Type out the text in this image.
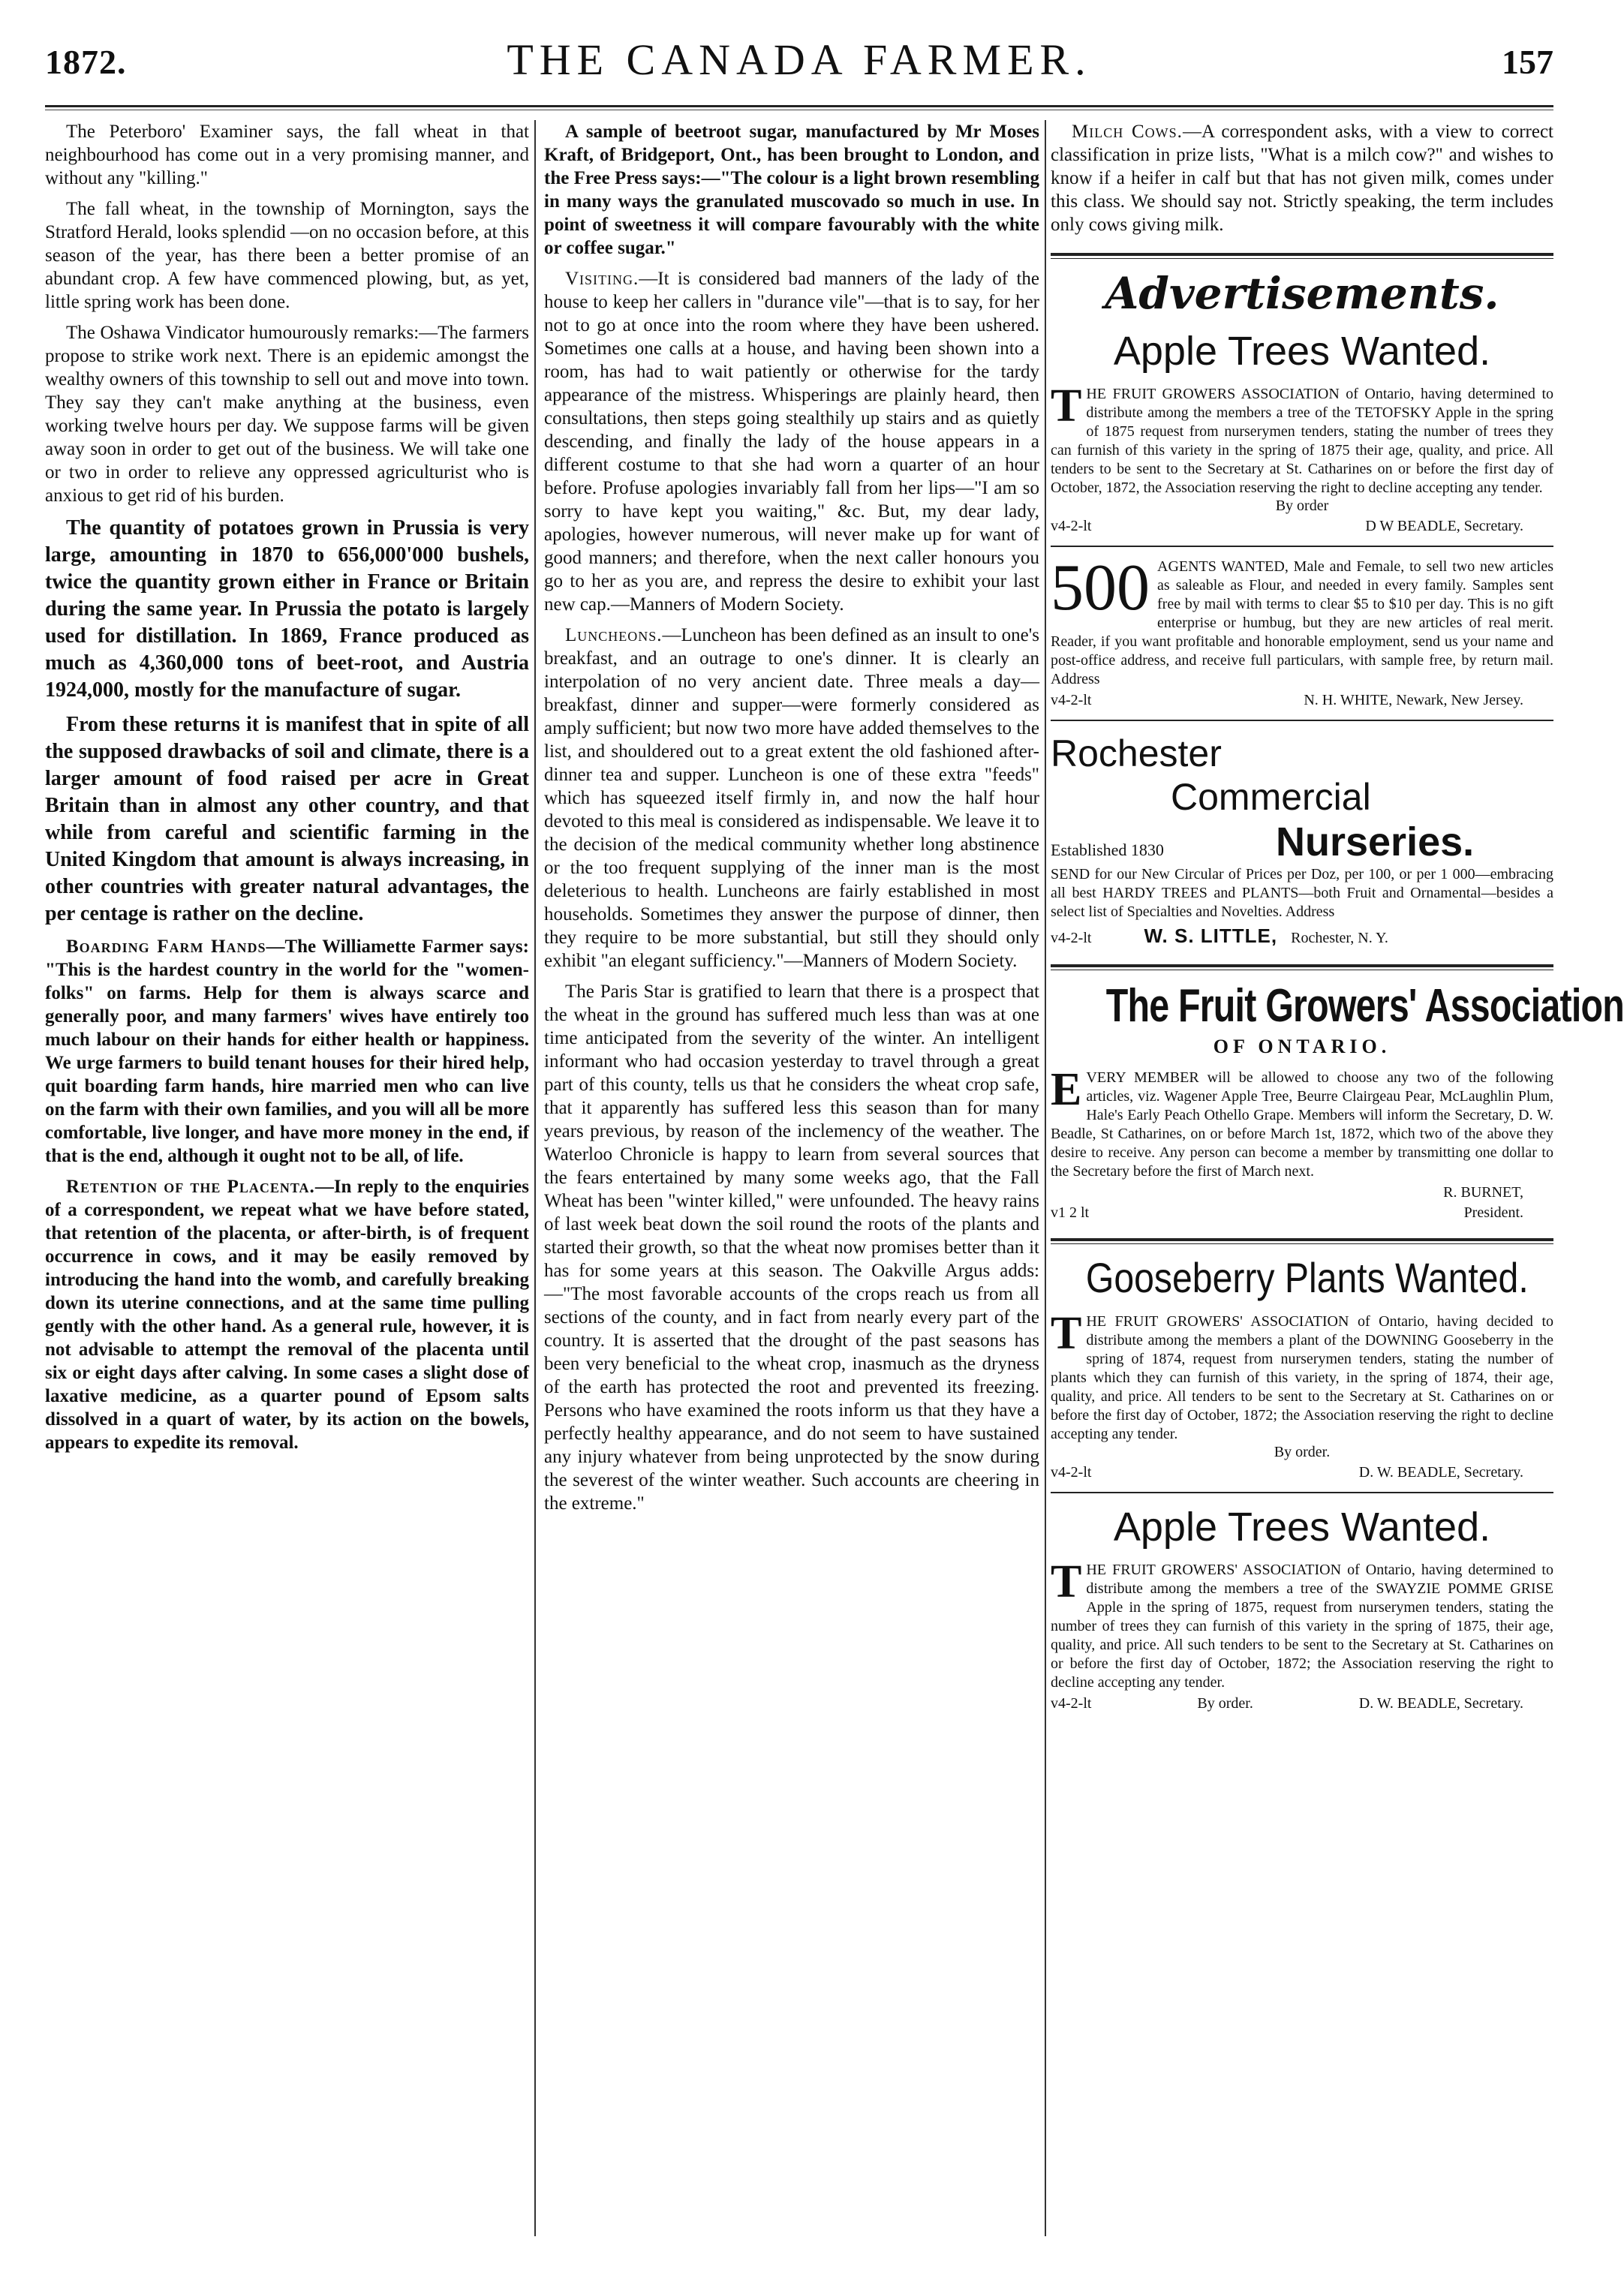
1872.	THE CANADA FARMER.	157

The Peterboro' Examiner says, the fall wheat in that neighbourhood has come out in a very promising manner, and without any "killing."

The fall wheat, in the township of Mornington, says the Stratford Herald, looks splendid —on no occasion before, at this season of the year, has there been a better promise of an abundant crop. A few have commenced plowing, but, as yet, little spring work has been done.

The Oshawa Vindicator humourously remarks:—The farmers propose to strike work next. There is an epidemic amongst the wealthy owners of this township to sell out and move into town. They say they can't make anything at the business, even working twelve hours per day. We suppose farms will be given away soon in order to get out of the business. We will take one or two in order to relieve any oppressed agriculturist who is anxious to get rid of his burden.

The quantity of potatoes grown in Prussia is very large, amounting in 1870 to 656,000'000 bushels, twice the quantity grown either in France or Britain during the same year. In Prussia the potato is largely used for distillation. In 1869, France produced as much as 4,360,000 tons of beet-root, and Austria 1924,000, mostly for the manufacture of sugar.

From these returns it is manifest that in spite of all the supposed drawbacks of soil and climate, there is a larger amount of food raised per acre in Great Britain than in almost any other country, and that while from careful and scientific farming in the United Kingdom that amount is always increasing, in other countries with greater natural advantages, the per centage is rather on the decline.

Boarding Farm Hands—The Williamette Farmer says: "This is the hardest country in the world for the "women-folks" on farms. Help for them is always scarce and generally poor, and many farmers' wives have entirely too much labour on their hands for either health or happiness. We urge farmers to build tenant houses for their hired help, quit boarding farm hands, hire married men who can live on the farm with their own families, and you will all be more comfortable, live longer, and have more money in the end, if that is the end, although it ought not to be all, of life.

Retention of the Placenta.—In reply to the enquiries of a correspondent, we repeat what we have before stated, that retention of the placenta, or after-birth, is of frequent occurrence in cows, and it may be easily removed by introducing the hand into the womb, and carefully breaking down its uterine connections, and at the same time pulling gently with the other hand. As a general rule, however, it is not advisable to attempt the removal of the placenta until six or eight days after calving. In some cases a slight dose of laxative medicine, as a quarter pound of Epsom salts dissolved in a quart of water, by its action on the bowels, appears to expedite its removal.

A sample of beetroot sugar, manufactured by Mr Moses Kraft, of Bridgeport, Ont., has been brought to London, and the Free Press says:—"The colour is a light brown resembling in many ways the granulated muscovado so much in use. In point of sweetness it will compare favourably with the white or coffee sugar."

Visiting.—It is considered bad manners of the lady of the house to keep her callers in "durance vile"—that is to say, for her not to go at once into the room where they have been ushered. Sometimes one calls at a house, and having been shown into a room, has had to wait patiently or otherwise for the tardy appearance of the mistress. Whisperings are plainly heard, then consultations, then steps going stealthily up stairs and as quietly descending, and finally the lady of the house appears in a different costume to that she had worn a quarter of an hour before. Profuse apologies invariably fall from her lips—"I am so sorry to have kept you waiting," &c. But, my dear lady, apologies, however numerous, will never make up for want of good manners; and therefore, when the next caller honours you go to her as you are, and repress the desire to exhibit your last new cap.—Manners of Modern Society.

Luncheons.—Luncheon has been defined as an insult to one's breakfast, and an outrage to one's dinner. It is clearly an interpolation of no very ancient date. Three meals a day—breakfast, dinner and supper—were formerly considered as amply sufficient; but now two more have added themselves to the list, and shouldered out to a great extent the old fashioned after-dinner tea and supper. Luncheon is one of these extra "feeds" which has squeezed itself firmly in, and now the half hour devoted to this meal is considered as indispensable. We leave it to the decision of the medical community whether long abstinence or the too frequent supplying of the inner man is the most deleterious to health. Luncheons are fairly established in most households. Sometimes they answer the purpose of dinner, then they require to be more substantial, but still they should only exhibit "an elegant sufficiency."—Manners of Modern Society.

The Paris Star is gratified to learn that there is a prospect that the wheat in the ground has suffered much less than was at one time anticipated from the severity of the winter. An intelligent informant who had occasion yesterday to travel through a great part of this county, tells us that he considers the wheat crop safe, that it apparently has suffered less this season than for many years previous, by reason of the inclemency of the weather. The Waterloo Chronicle is happy to learn from several sources that the fears entertained by many some weeks ago, that the Fall Wheat has been "winter killed," were unfounded. The heavy rains of last week beat down the soil round the roots of the plants and started their growth, so that the wheat now promises better than it has for some years at this season. The Oakville Argus adds:—"The most favorable accounts of the crops reach us from all sections of the county, and in fact from nearly every part of the country. It is asserted that the drought of the past seasons has been very beneficial to the wheat crop, inasmuch as the dryness of the earth has protected the root and prevented its freezing. Persons who have examined the roots inform us that they have a perfectly healthy appearance, and do not seem to have sustained any injury whatever from being unprotected by the snow during the severest of the winter weather. Such accounts are cheering in the extreme."

Milch Cows.—A correspondent asks, with a view to correct classification in prize lists, "What is a milch cow?" and wishes to know if a heifer in calf but that has not given milk, comes under this class. We should say not. Strictly speaking, the term includes only cows giving milk.

Advertisements.
Apple Trees Wanted.
THE FRUIT GROWERS ASSOCIATION of Ontario, having determined to distribute among the members a tree of the TETOFSKY Apple in the spring of 1875 request from nurserymen tenders, stating the number of trees they can furnish of this variety in the spring of 1875 their age, quality, and price. All tenders to be sent to the Secretary at St. Catharines on or before the first day of October, 1872, the Association reserving the right to decline accepting any tender.
By order
v4-2-lt	D W BEADLE, Secretary.
500 AGENTS WANTED, Male and Female, to sell two new articles as saleable as Flour, and needed in every family. Samples sent free by mail with terms to clear $5 to $10 per day. This is no gift enterprise or humbug, but they are new articles of real merit. Reader, if you want profitable and honorable employment, send us your name and post-office address, and receive full particulars, with sample free, by return mail. Address
v4-2-lt	N. H. WHITE, Newark, New Jersey.
Rochester
Commercial
Established 1830	Nurseries.
SEND for our New Circular of Prices per Doz, per 100, or per 1 000—embracing all best HARDY TREES and PLANTS—both Fruit and Ornamental—besides a select list of Specialties and Novelties. Address
v4-2-lt	W. S. LITTLE, Rochester, N. Y.
The Fruit Growers' Association
OF ONTARIO.
EVERY MEMBER will be allowed to choose any two of the following articles, viz. Wagener Apple Tree, Beurre Clairgeau Pear, McLaughlin Plum, Hale's Early Peach Othello Grape. Members will inform the Secretary, D. W. Beadle, St Catharines, on or before March 1st, 1872, which two of the above they desire to receive. Any person can become a member by transmitting one dollar to the Secretary before the first of March next.
R. BURNET,
v1 2 lt	President.
Gooseberry Plants Wanted.
THE FRUIT GROWERS' ASSOCIATION of Ontario, having decided to distribute among the members a plant of the DOWNING Gooseberry in the spring of 1874, request from nurserymen tenders, stating the number of plants which they can furnish of this variety, in the spring of 1874, their age, quality, and price. All tenders to be sent to the Secretary at St. Catharines on or before the first day of October, 1872; the Association reserving the right to decline accepting any tender.
By order.
v4-2-lt	D. W. BEADLE, Secretary.
Apple Trees Wanted.
THE FRUIT GROWERS' ASSOCIATION of Ontario, having determined to distribute among the members a tree of the SWAYZIE POMME GRISE Apple in the spring of 1875, request from nurserymen tenders, stating the number of trees they can furnish of this variety in the spring of 1875, their age, quality, and price. All such tenders to be sent to the Secretary at St. Catharines on or before the first day of October, 1872; the Association reserving the right to decline accepting any tender.
v4-2-lt	By order.	D. W. BEADLE, Secretary.
